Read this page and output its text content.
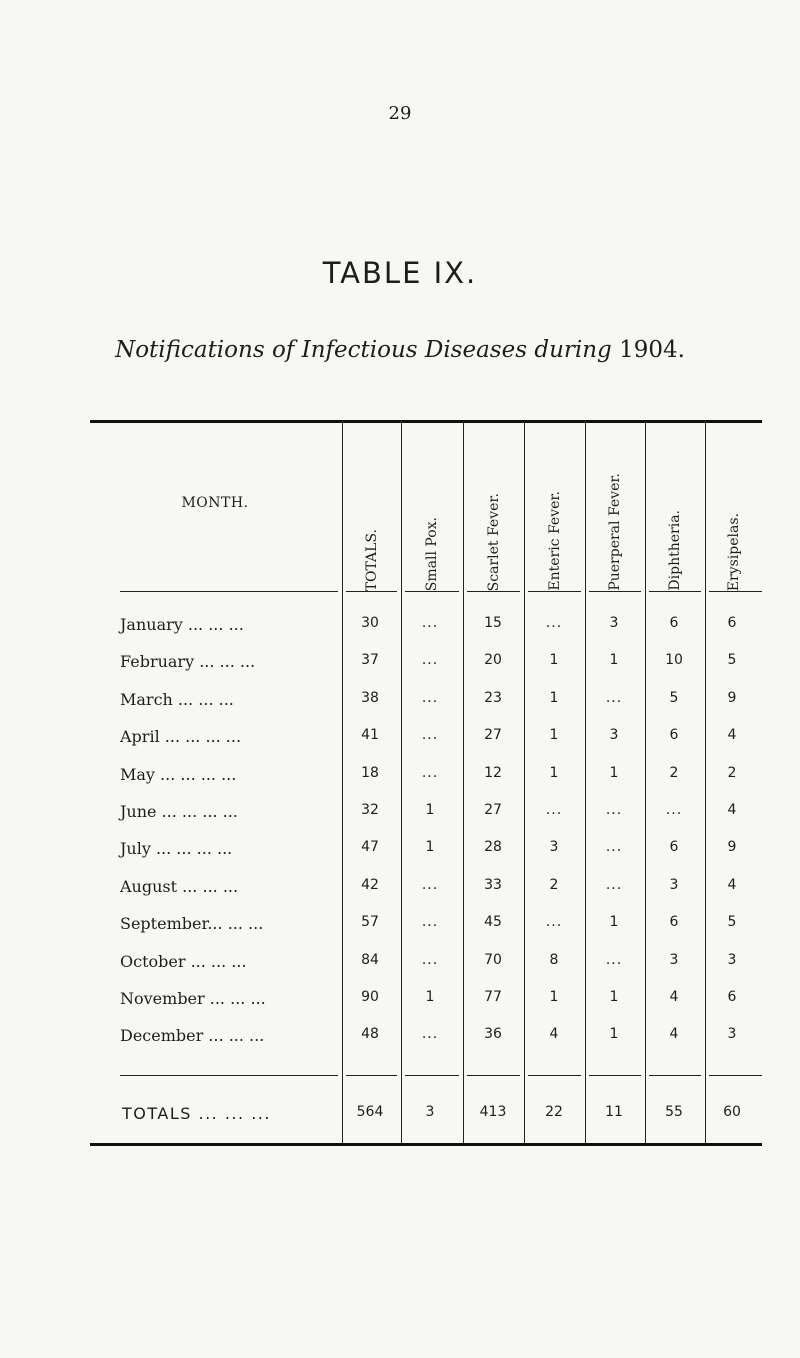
29
TABLE IX.
Notifications of Infectious Diseases during 1904.
MONTH.
TOTALS.	Small Pox.	Scarlet Fever.	Enteric Fever.	Puerperal Fever.	Diphtheria.	Erysipelas.
January ... ... ...	30	...	15	...	3	6	6
February ... ... ...	37	...	20	1	1	10	5
March ... ... ...	38	...	23	1	...	5	9
April ... ... ... ...	41	...	27	1	3	6	4
May ... ... ... ...	18	...	12	1	1	2	2
June ... ... ... ...	32	1	27	...	...	...	4
July ... ... ... ...	47	1	28	3	...	6	9
August ... ... ...	42	...	33	2	...	3	4
September... ... ...	57	...	45	...	1	6	5
October ... ... ...	84	...	70	8	...	3	3
November ... ... ...	90	1	77	1	1	4	6
December ... ... ...	48	...	36	4	1	4	3
TOTALS ... ... ...	564	3	413	22	11	55	60
